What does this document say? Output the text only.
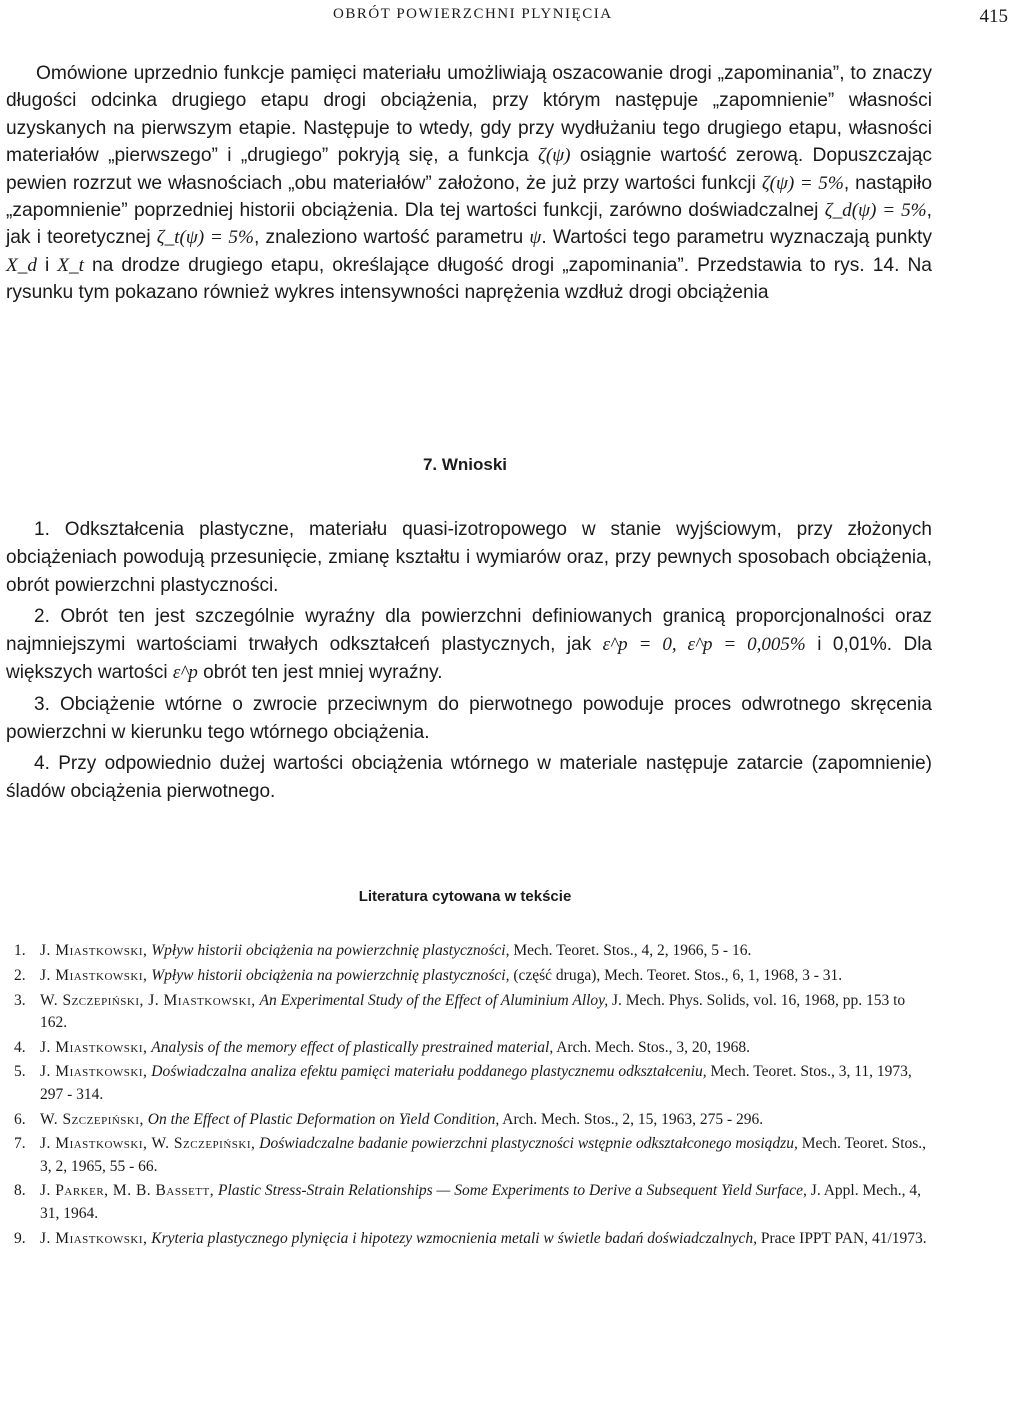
OBRÓT POWIERZCHNI PLYNIĘCIA	415

Omówione uprzednio funkcje pamięci materiału umożliwiają oszacowanie drogi „zapominania”, to znaczy długości odcinka drugiego etapu drogi obciążenia, przy którym następuje „zapomnienie” własności uzyskanych na pierwszym etapie. Następuje to wtedy, gdy przy wydłużaniu tego drugiego etapu, własności materiałów „pierwszego” i „drugiego” pokryją się, a funkcja ζ(ψ) osiągnie wartość zerową. Dopuszczając pewien rozrzut we własnościach „obu materiałów” założono, że już przy wartości funkcji ζ(ψ) = 5%, nastąpiło „zapomnienie” poprzedniej historii obciążenia. Dla tej wartości funkcji, zarówno doświadczalnej ζ_d(ψ) = 5%, jak i teoretycznej ζ_t(ψ) = 5%, znaleziono wartość parametru ψ. Wartości tego parametru wyznaczają punkty X_d i X_t na drodze drugiego etapu, określające długość drogi „zapominania”. Przedstawia to rys. 14. Na rysunku tym pokazano również wykres intensywności naprężenia wzdłuż drogi obciążenia

7. Wnioski

1. Odkształcenia plastyczne, materiału quasi-izotropowego w stanie wyjściowym, przy złożonych obciążeniach powodują przesunięcie, zmianę kształtu i wymiarów oraz, przy pewnych sposobach obciążenia, obrót powierzchni plastyczności.

2. Obrót ten jest szczególnie wyraźny dla powierzchni definiowanych granicą proporcjonalności oraz najmniejszymi wartościami trwałych odkształceń plastycznych, jak ε^p = 0, ε^p = 0,005% i 0,01%. Dla większych wartości ε^p obrót ten jest mniej wyraźny.

3. Obciążenie wtórne o zwrocie przeciwnym do pierwotnego powoduje proces odwrotnego skręcenia powierzchni w kierunku tego wtórnego obciążenia.

4. Przy odpowiednio dużej wartości obciążenia wtórnego w materiale następuje zatarcie (zapomnienie) śladów obciążenia pierwotnego.

Literatura cytowana w tekście
1. J. Miastkowski, Wpływ historii obciążenia na powierzchnię plastyczności, Mech. Teoret. Stos., 4, 2, 1966, 5 - 16.
2. J. Miastkowski, Wpływ historii obciążenia na powierzchnię plastyczności, (część druga), Mech. Teoret. Stos., 6, 1, 1968, 3 - 31.
3. W. Szczepiński, J. Miastkowski, An Experimental Study of the Effect of Aluminium Alloy, J. Mech. Phys. Solids, vol. 16, 1968, pp. 153 to 162.
4. J. Miastkowski, Analysis of the memory effect of plastically prestrained material, Arch. Mech. Stos., 3, 20, 1968.
5. J. Miastkowski, Doświadczalna analiza efektu pamięci materiału poddanego plastycznemu odkształceniu, Mech. Teoret. Stos., 3, 11, 1973, 297 - 314.
6. W. Szczepiński, On the Effect of Plastic Deformation on Yield Condition, Arch. Mech. Stos., 2, 15, 1963, 275 - 296.
7. J. Miastkowski, W. Szczepiński, Doświadczalne badanie powierzchni plastyczności wstępnie odkształconego mosiądzu, Mech. Teoret. Stos., 3, 2, 1965, 55 - 66.
8. J. Parker, M. B. Bassett, Plastic Stress-Strain Relationships — Some Experiments to Derive a Subsequent Yield Surface, J. Appl. Mech., 4, 31, 1964.
9. J. Miastkowski, Kryteria plastycznego plynięcia i hipotezy wzmocnienia metali w świetle badań doświadczalnych, Prace IPPT PAN, 41/1973.
